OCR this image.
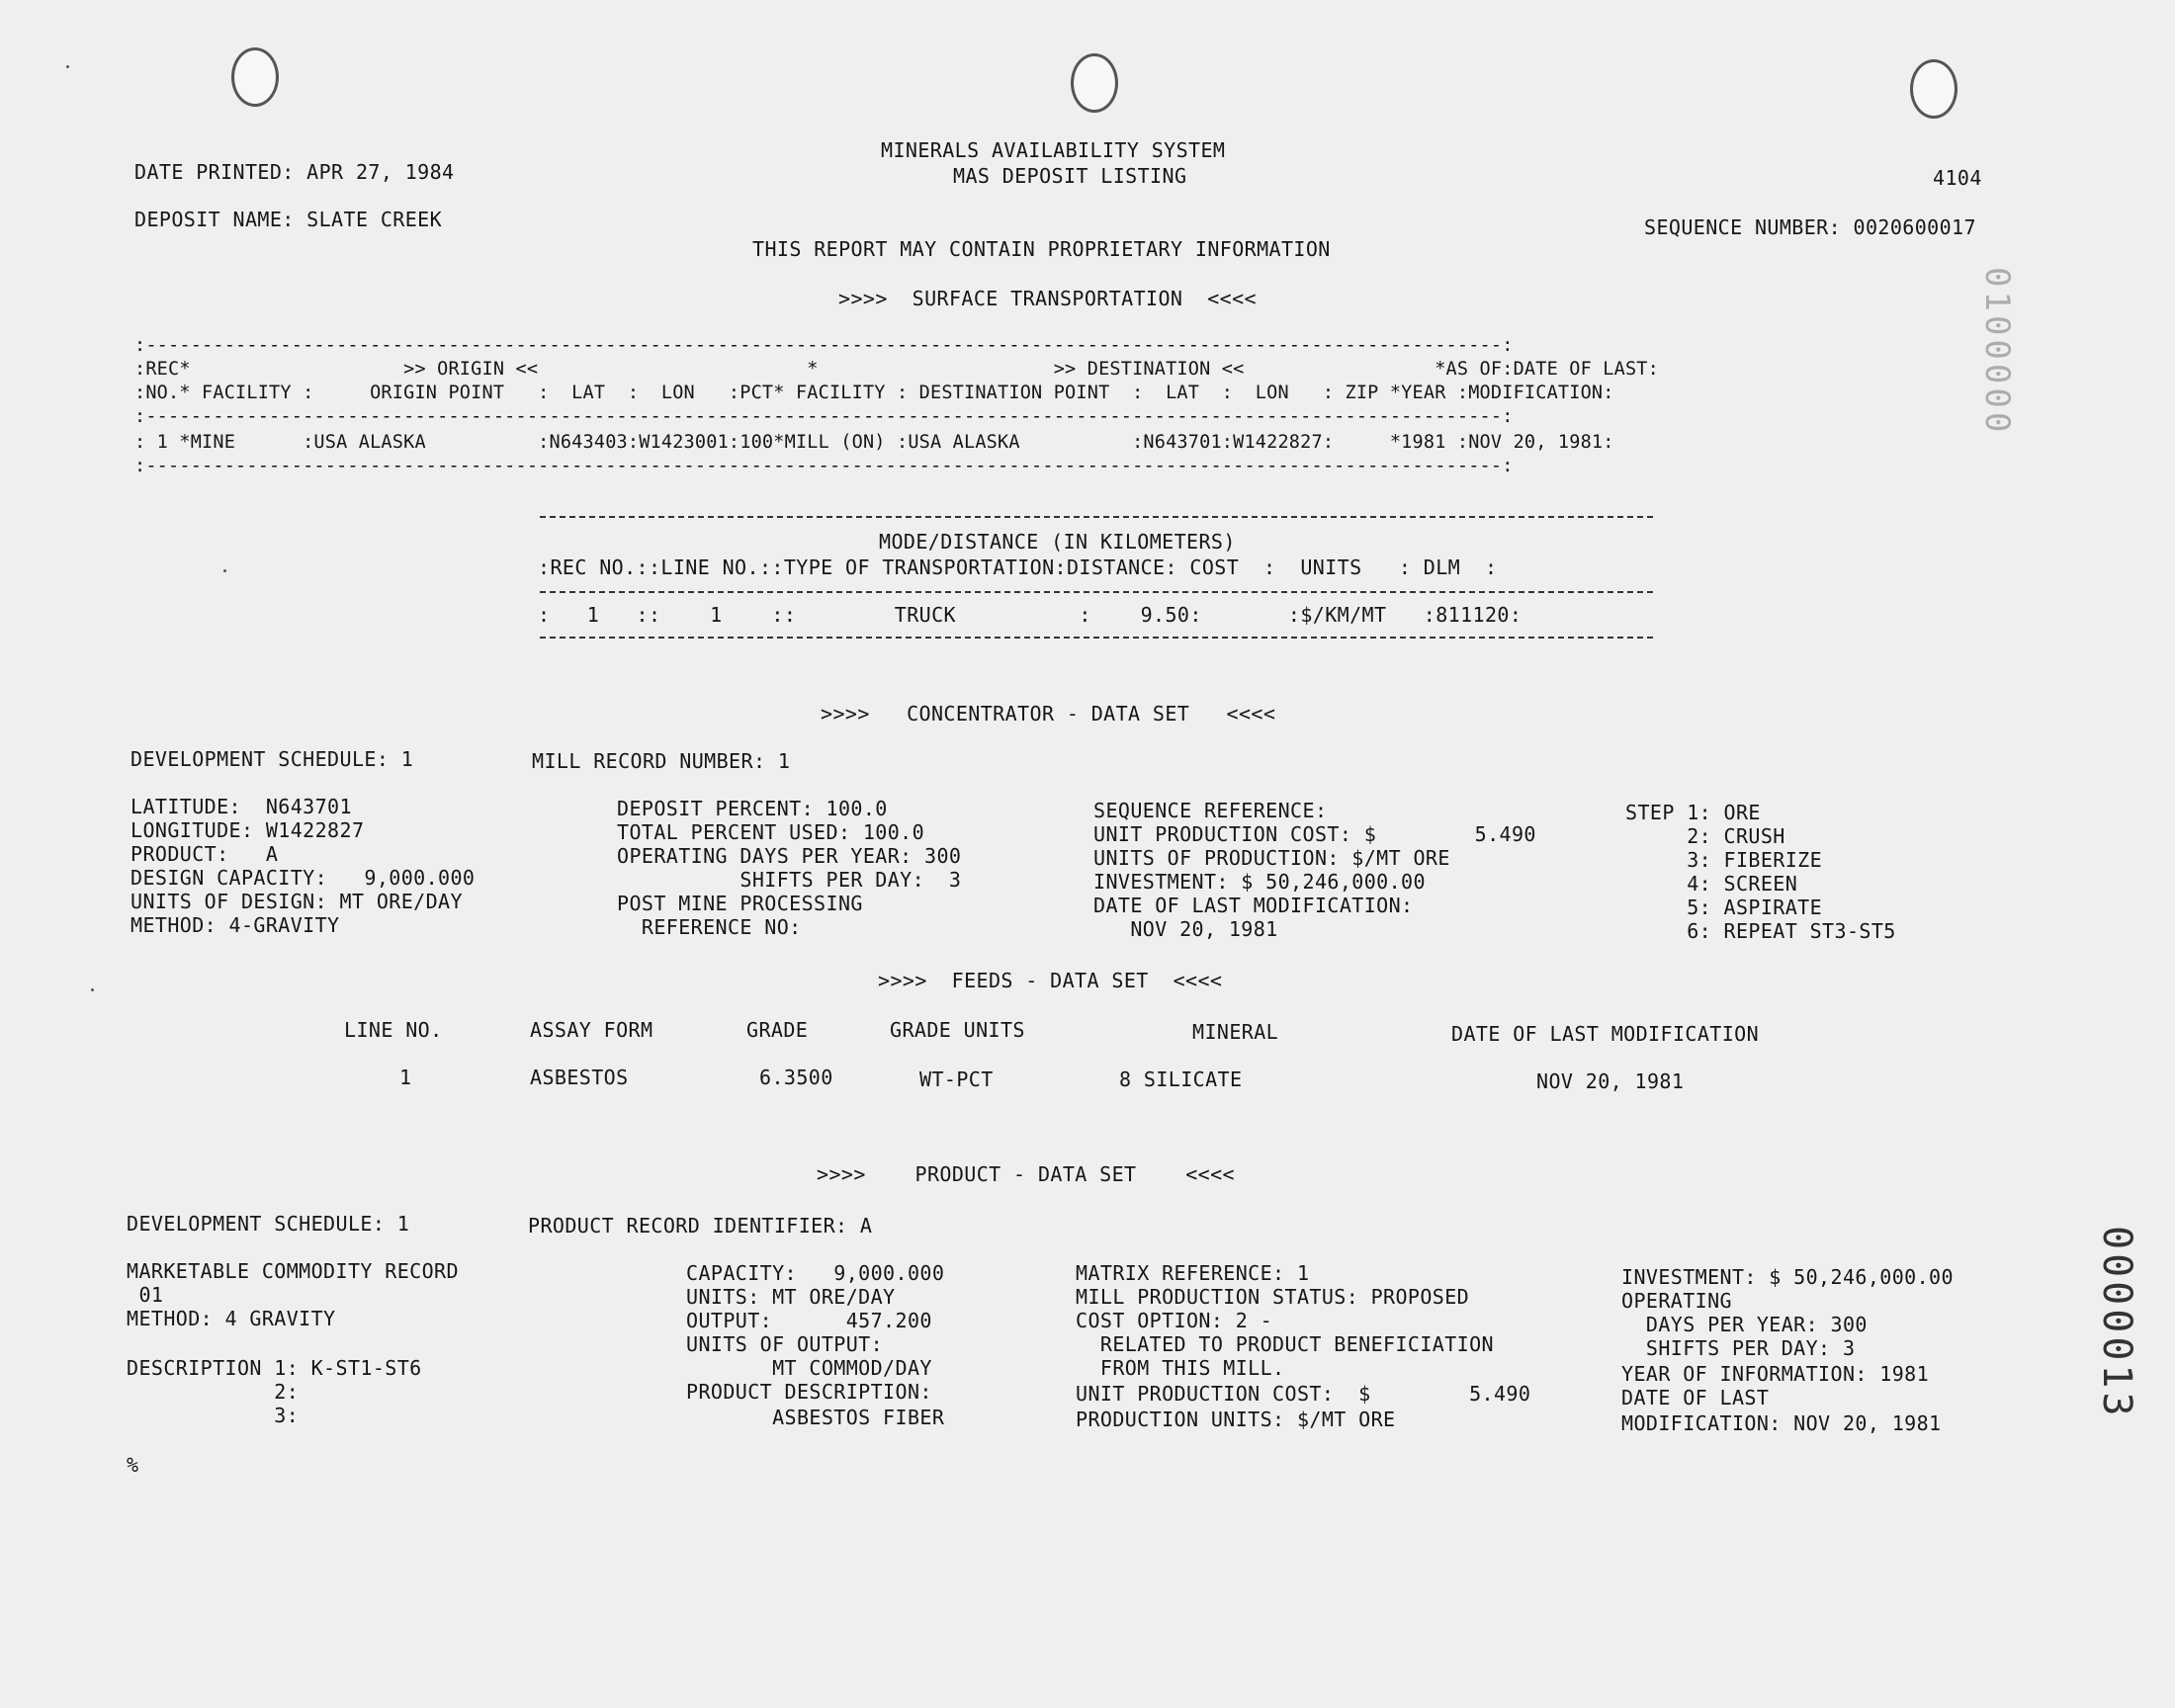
DATE PRINTED: APR 27, 1984
MINERALS AVAILABILITY SYSTEM
MAS DEPOSIT LISTING	4104
DEPOSIT NAME: SLATE CREEK	SEQUENCE NUMBER: 0020600017
THIS REPORT MAY CONTAIN PROPRIETARY INFORMATION
>>>>  SURFACE TRANSPORTATION  <<<<
:-------------------------------------------------------------------------------------------------------------------------:
:REC*                   >> ORIGIN <<                        *                     >> DESTINATION <<                 *AS OF:DATE OF LAST:
:NO.* FACILITY :     ORIGIN POINT   :  LAT  :  LON   :PCT* FACILITY : DESTINATION POINT  :  LAT  :  LON   : ZIP *YEAR :MODIFICATION:
:-------------------------------------------------------------------------------------------------------------------------:
: 1 *MINE      :USA ALASKA          :N643403:W1423001:100*MILL (ON) :USA ALASKA          :N643701:W1422827:     *1981 :NOV 20, 1981:
:-------------------------------------------------------------------------------------------------------------------------:
MODE/DISTANCE (IN KILOMETERS)
:REC NO.::LINE NO.::TYPE OF TRANSPORTATION:DISTANCE: COST  :  UNITS   : DLM  :
:   1   ::    1    ::        TRUCK          :    9.50:       :$/KM/MT   :811120:
>>>>   CONCENTRATOR - DATA SET   <<<<
DEVELOPMENT SCHEDULE: 1	MILL RECORD NUMBER: 1
LATITUDE:  N643701
LONGITUDE: W1422827
PRODUCT:   A
DESIGN CAPACITY:   9,000.000
UNITS OF DESIGN: MT ORE/DAY
METHOD: 4-GRAVITY
DEPOSIT PERCENT: 100.0
TOTAL PERCENT USED: 100.0
OPERATING DAYS PER YEAR: 300
SHIFTS PER DAY:  3
POST MINE PROCESSING
REFERENCE NO:
SEQUENCE REFERENCE:
UNIT PRODUCTION COST: $        5.490
UNITS OF PRODUCTION: $/MT ORE
INVESTMENT: $ 50,246,000.00
DATE OF LAST MODIFICATION:
NOV 20, 1981
STEP 1: ORE
2: CRUSH
3: FIBERIZE
4: SCREEN
5: ASPIRATE
6: REPEAT ST3-ST5
>>>>  FEEDS - DATA SET  <<<<
LINE NO.	ASSAY FORM	GRADE	GRADE UNITS	MINERAL	DATE OF LAST MODIFICATION
1	ASBESTOS	6.3500	WT-PCT	8 SILICATE	NOV 20, 1981
>>>>    PRODUCT - DATA SET    <<<<
DEVELOPMENT SCHEDULE: 1	PRODUCT RECORD IDENTIFIER: A
MARKETABLE COMMODITY RECORD
01
METHOD: 4 GRAVITY
DESCRIPTION 1: K-ST1-ST6
2:
3:
CAPACITY:   9,000.000
UNITS: MT ORE/DAY
OUTPUT:      457.200
UNITS OF OUTPUT:
MT COMMOD/DAY
PRODUCT DESCRIPTION:
ASBESTOS FIBER
MATRIX REFERENCE: 1
MILL PRODUCTION STATUS: PROPOSED
COST OPTION: 2 -
RELATED TO PRODUCT BENEFICIATION
FROM THIS MILL.
UNIT PRODUCTION COST:  $        5.490
PRODUCTION UNITS: $/MT ORE
INVESTMENT: $ 50,246,000.00
OPERATING
DAYS PER YEAR: 300
SHIFTS PER DAY: 3
YEAR OF INFORMATION: 1981
DATE OF LAST
MODIFICATION: NOV 20, 1981
%
0100000
0000013
